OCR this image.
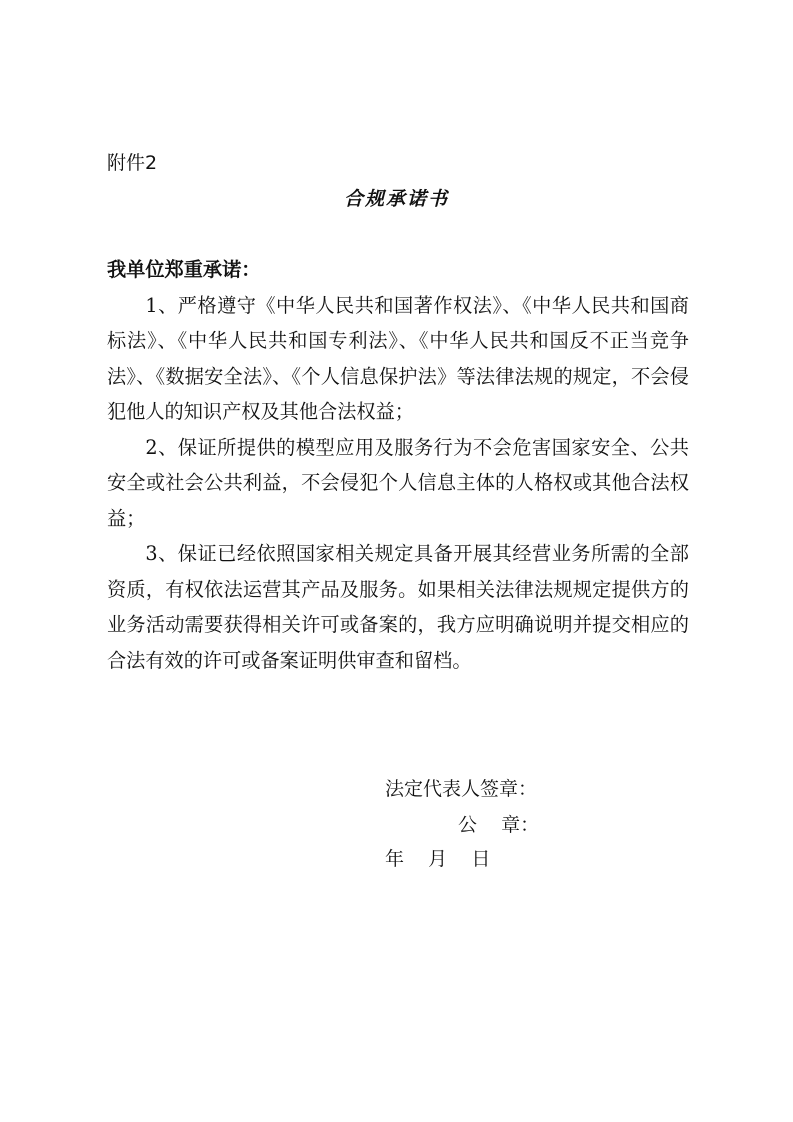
附件2
合规承诺书

我单位郑重承诺：

1、严格遵守《中华人民共和国著作权法》、《中华人民共和国商标法》、《中华人民共和国专利法》、《中华人民共和国反不正当竞争法》、《数据安全法》、《个人信息保护法》等法律法规的规定，不会侵犯他人的知识产权及其他合法权益；

2、保证所提供的模型应用及服务行为不会危害国家安全、公共安全或社会公共利益，不会侵犯个人信息主体的人格权或其他合法权益；

3、保证已经依照国家相关规定具备开展其经营业务所需的全部资质，有权依法运营其产品及服务。如果相关法律法规规定提供方的业务活动需要获得相关许可或备案的，我方应明确说明并提交相应的合法有效的许可或备案证明供审查和留档。

法定代表人签章：
公    章：
年    月    日
